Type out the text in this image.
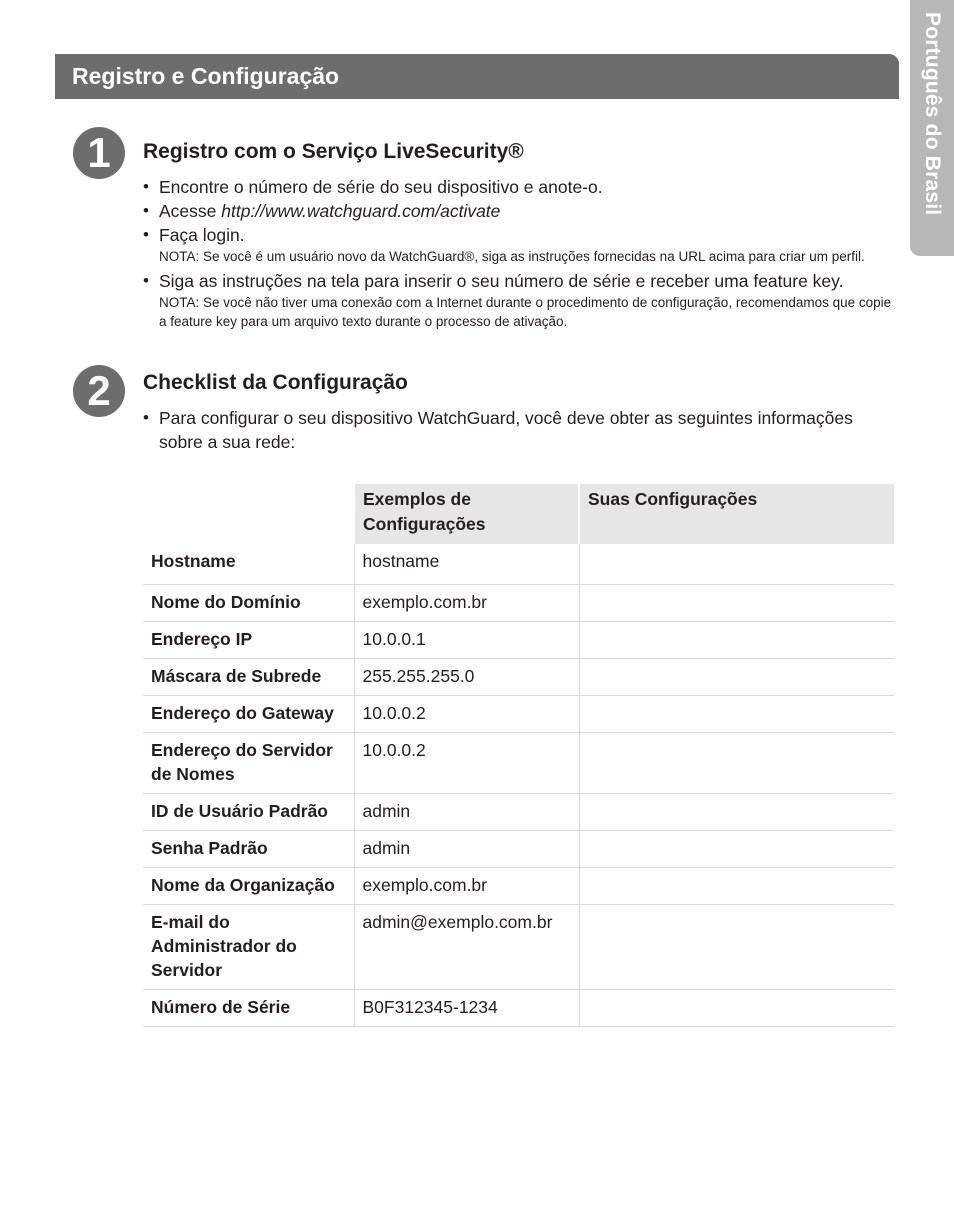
Português do Brasil
Registro e Configuração
1	Registro com o Serviço LiveSecurity®
• Encontre o número de série do seu dispositivo e anote-o.
• Acesse http://www.watchguard.com/activate
• Faça login.
NOTA: Se você é um usuário novo da WatchGuard®, siga as instruções fornecidas na URL acima para criar um perfil.
• Siga as instruções na tela para inserir o seu número de série e receber uma feature key.
NOTA: Se você não tiver uma conexão com a Internet durante o procedimento de configuração, recomendamos que copie a feature key para um arquivo texto durante o processo de ativação.
2	Checklist da Configuração
• Para configurar o seu dispositivo WatchGuard, você deve obter as seguintes informações sobre a sua rede:
	Exemplos de Configurações	Suas Configurações
Hostname	hostname	
Nome do Domínio	exemplo.com.br	
Endereço IP	10.0.0.1	
Máscara de Subrede	255.255.255.0	
Endereço do Gateway	10.0.0.2	
Endereço do Servidor de Nomes	10.0.0.2	
ID de Usuário Padrão	admin	
Senha Padrão	admin	
Nome da Organização	exemplo.com.br	
E-mail do Administrador do Servidor	admin@exemplo.com.br	
Número de Série	B0F312345-1234	
